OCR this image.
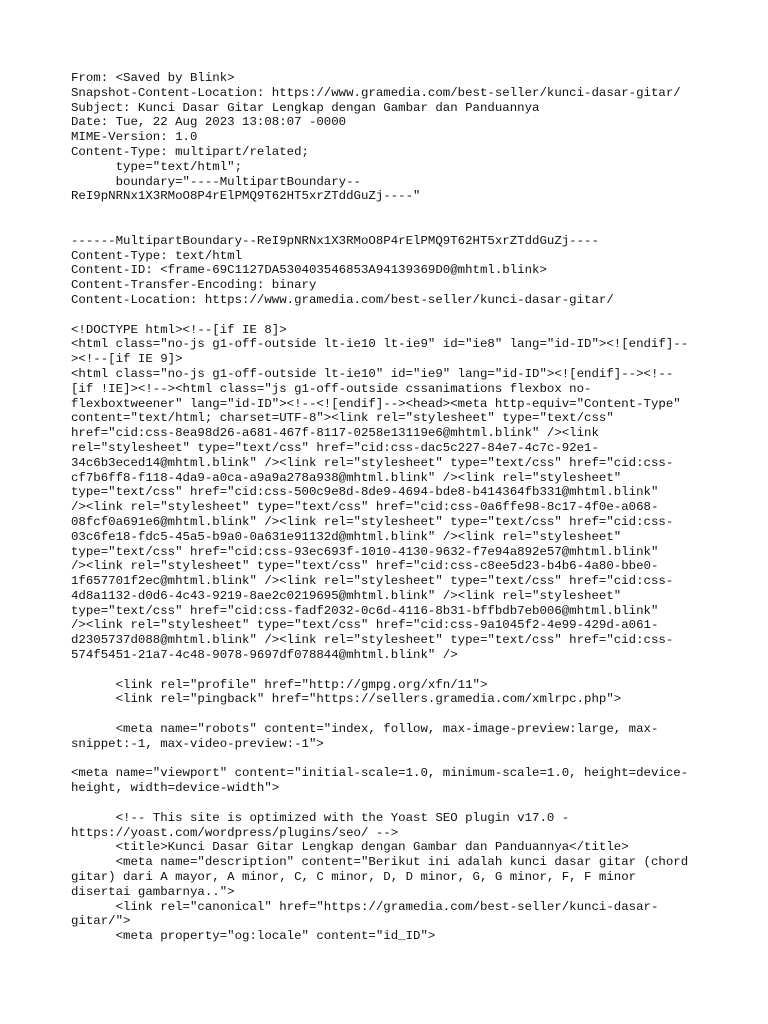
From: <Saved by Blink>
Snapshot-Content-Location: https://www.gramedia.com/best-seller/kunci-dasar-gitar/
Subject: Kunci Dasar Gitar Lengkap dengan Gambar dan Panduannya
Date: Tue, 22 Aug 2023 13:08:07 -0000
MIME-Version: 1.0
Content-Type: multipart/related;
type="text/html";
boundary="----MultipartBoundary--
ReI9pNRNx1X3RMoO8P4rElPMQ9T62HT5xrZTddGuZj----"
------MultipartBoundary--ReI9pNRNx1X3RMoO8P4rElPMQ9T62HT5xrZTddGuZj----
Content-Type: text/html
Content-ID: <frame-69C1127DA530403546853A94139369D0@mhtml.blink>
Content-Transfer-Encoding: binary
Content-Location: https://www.gramedia.com/best-seller/kunci-dasar-gitar/
<!DOCTYPE html><!--[if IE 8]>
<html class="no-js g1-off-outside lt-ie10 lt-ie9" id="ie8" lang="id-ID"><![endif]--
><!--[if IE 9]>
<html class="no-js g1-off-outside lt-ie10" id="ie9" lang="id-ID"><![endif]--><!--
[if !IE]><!--><html class="js g1-off-outside cssanimations flexbox no-
flexboxtweener" lang="id-ID"><!--<![endif]--><head><meta http-equiv="Content-Type"
content="text/html; charset=UTF-8"><link rel="stylesheet" type="text/css"
href="cid:css-8ea98d26-a681-467f-8117-0258e13119e6@mhtml.blink" /><link
rel="stylesheet" type="text/css" href="cid:css-dac5c227-84e7-4c7c-92e1-
34c6b3eced14@mhtml.blink" /><link rel="stylesheet" type="text/css" href="cid:css-
cf7b6ff8-f118-4da9-a0ca-a9a9a278a938@mhtml.blink" /><link rel="stylesheet"
type="text/css" href="cid:css-500c9e8d-8de9-4694-bde8-b414364fb331@mhtml.blink"
/><link rel="stylesheet" type="text/css" href="cid:css-0a6ffe98-8c17-4f0e-a068-
08fcf0a691e6@mhtml.blink" /><link rel="stylesheet" type="text/css" href="cid:css-
03c6fe18-fdc5-45a5-b9a0-0a631e91132d@mhtml.blink" /><link rel="stylesheet"
type="text/css" href="cid:css-93ec693f-1010-4130-9632-f7e94a892e57@mhtml.blink"
/><link rel="stylesheet" type="text/css" href="cid:css-c8ee5d23-b4b6-4a80-bbe0-
1f657701f2ec@mhtml.blink" /><link rel="stylesheet" type="text/css" href="cid:css-
4d8a1132-d0d6-4c43-9219-8ae2c0219695@mhtml.blink" /><link rel="stylesheet"
type="text/css" href="cid:css-fadf2032-0c6d-4116-8b31-bffbdb7eb006@mhtml.blink"
/><link rel="stylesheet" type="text/css" href="cid:css-9a1045f2-4e99-429d-a061-
d2305737d088@mhtml.blink" /><link rel="stylesheet" type="text/css" href="cid:css-
574f5451-21a7-4c48-9078-9697df078844@mhtml.blink" />
<link rel="profile" href="http://gmpg.org/xfn/11">
<link rel="pingback" href="https://sellers.gramedia.com/xmlrpc.php">
<meta name="robots" content="index, follow, max-image-preview:large, max-
snippet:-1, max-video-preview:-1">
<meta name="viewport" content="initial-scale=1.0, minimum-scale=1.0, height=device-
height, width=device-width">
<!-- This site is optimized with the Yoast SEO plugin v17.0 -
https://yoast.com/wordpress/plugins/seo/ -->
<title>Kunci Dasar Gitar Lengkap dengan Gambar dan Panduannya</title>
<meta name="description" content="Berikut ini adalah kunci dasar gitar (chord
gitar) dari A mayor, A minor, C, C minor, D, D minor, G, G minor, F, F minor
disertai gambarnya..">
<link rel="canonical" href="https://gramedia.com/best-seller/kunci-dasar-
gitar/">
<meta property="og:locale" content="id_ID">
